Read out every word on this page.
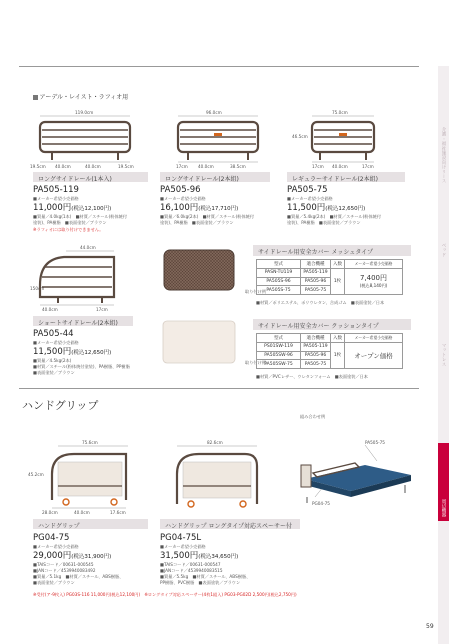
介護・福祉施設向けリース
ベッド
マットレス
周辺機器
アーデル・レイスト・ラフィオ用
119.0cm
19.5cm 40.0cm	40.0cm	19.5cm
ロングサイドレール(1本入)
PA505-119
■メーカー希望小売価格
11,000円(税込12,100円)
■質量／4.0kg(1本)　■材質／スチール(粉体焼付
塗装)、PA樹脂　■表面塗装／ブラウン
※ラフィオには取り付けできません。
96.0cm
17cm 40.0cm	38.5cm
ロングサイドレール(2本組)
PA505-96
■メーカー希望小売価格
16,100円(税込17,710円)
■質量／6.0kg(2本)　■材質／スチール(粉体焼付
塗装)、PA樹脂　■表面塗装／ブラウン
75.0cm
46.5cm
17cm 40.0cm	17cm
レギュラーサイドレール(2本組)
PA505-75
■メーカー希望小売価格
11,500円(税込12,650円)
■質量／5.4kg(2本)　■材質／スチール(粉体焼付
塗装)、PA樹脂　■表面塗装／ブラウン
44.0cm
150cm
40.0cm	17cm
ショートサイドレール(2本組)
PA505-44
■メーカー希望小売価格
11,500円(税込12,650円)
■質量／4.5kg(2本)
■材質／スチール(粉体焼付塗装)、PA樹脂、PP樹脂
■表面塗装／ブラウン
取り付け例
サイドレール用安全カバー メッシュタイプ
型式	適合機種	入数	メーカー希望小売価格
PASN-TU119	PA505-119	1枚	7,400円
(税込8,140円)

PA505S-96	PA505-96		
PA505S-75	PA505-75		
■材質／ポリエステル、ポリウレタン、合成ゴム　■表面塗装／日本
取り付け例
サイドレール用安全カバー クッションタイプ
型式	適合機種	入数	メーカー希望小売価格
PS01SW-119	PA505-119	1枚	オープン価格
PA505SW-96	PA505-96		
PA505SW-75	PA505-75		
■材質／PVCレザー、ウレタンフォーム　■表面塗装／日本
ハンドグリップ
75.6cm
45.2cm
28.0cm	40.0cm	17.6cm
ハンドグリップ
PG04-75
■メーカー希望小売価格
29,000円(税込31,900円)
■TAISコード／00631-000545
■JANコード／4539940083492
■質量／5.1kg　■材質／スチール、ABS樹脂、
■表面塗装／ブラウン
82.6cm
ハンドグリップ ロングタイプ対応スペーサー付
PG04-75L
■メーカー希望小売価格
31,500円(税込34,650円)
■TAISコード／00631-000547
■JANコード／4539940083515
■質量／5.5kg　■材質／スチール、ABS樹脂、
PP樹脂、PVC樹脂　■表面塗装／ブラウン
組み合わせ例
PA505-75
PG04-75
※受付(ア-9枚入) PG03S-116 11,000円(税込12,100円)　※ロングタイプ対応スペーサー(4枚1組入) PG03-PG02D 2,500円(税込2,750円)
59
